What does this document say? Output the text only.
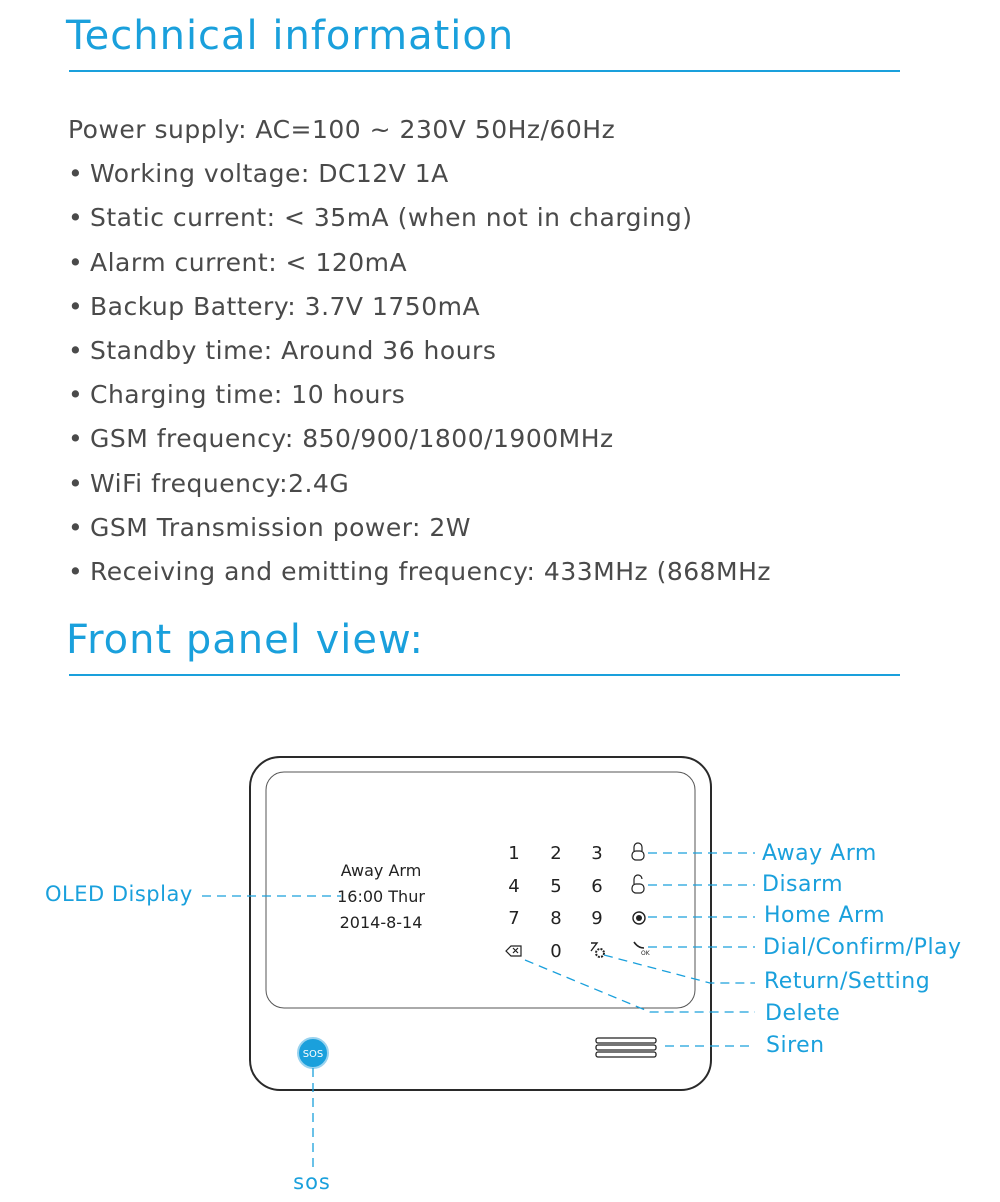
Technical information
Power supply: AC=100 ~ 230V 50Hz/60Hz
• Working voltage: DC12V 1A
• Static current: < 35mA (when not in charging)
• Alarm current: < 120mA
• Backup Battery: 3.7V 1750mA
• Standby time: Around 36 hours
• Charging time: 10 hours
• GSM frequency: 850/900/1800/1900MHz
• WiFi frequency:2.4G
• GSM Transmission power: 2W
• Receiving and emitting frequency: 433MHz (868MHz
Front panel view:
Away Arm
16:00 Thur
2014-8-14
1 2 3
4 5 6
7 8 9
0	OK
SOS
OLED Display
Away Arm
Disarm
Home Arm
Dial/Confirm/Play
Return/Setting
Delete
Siren
sos
